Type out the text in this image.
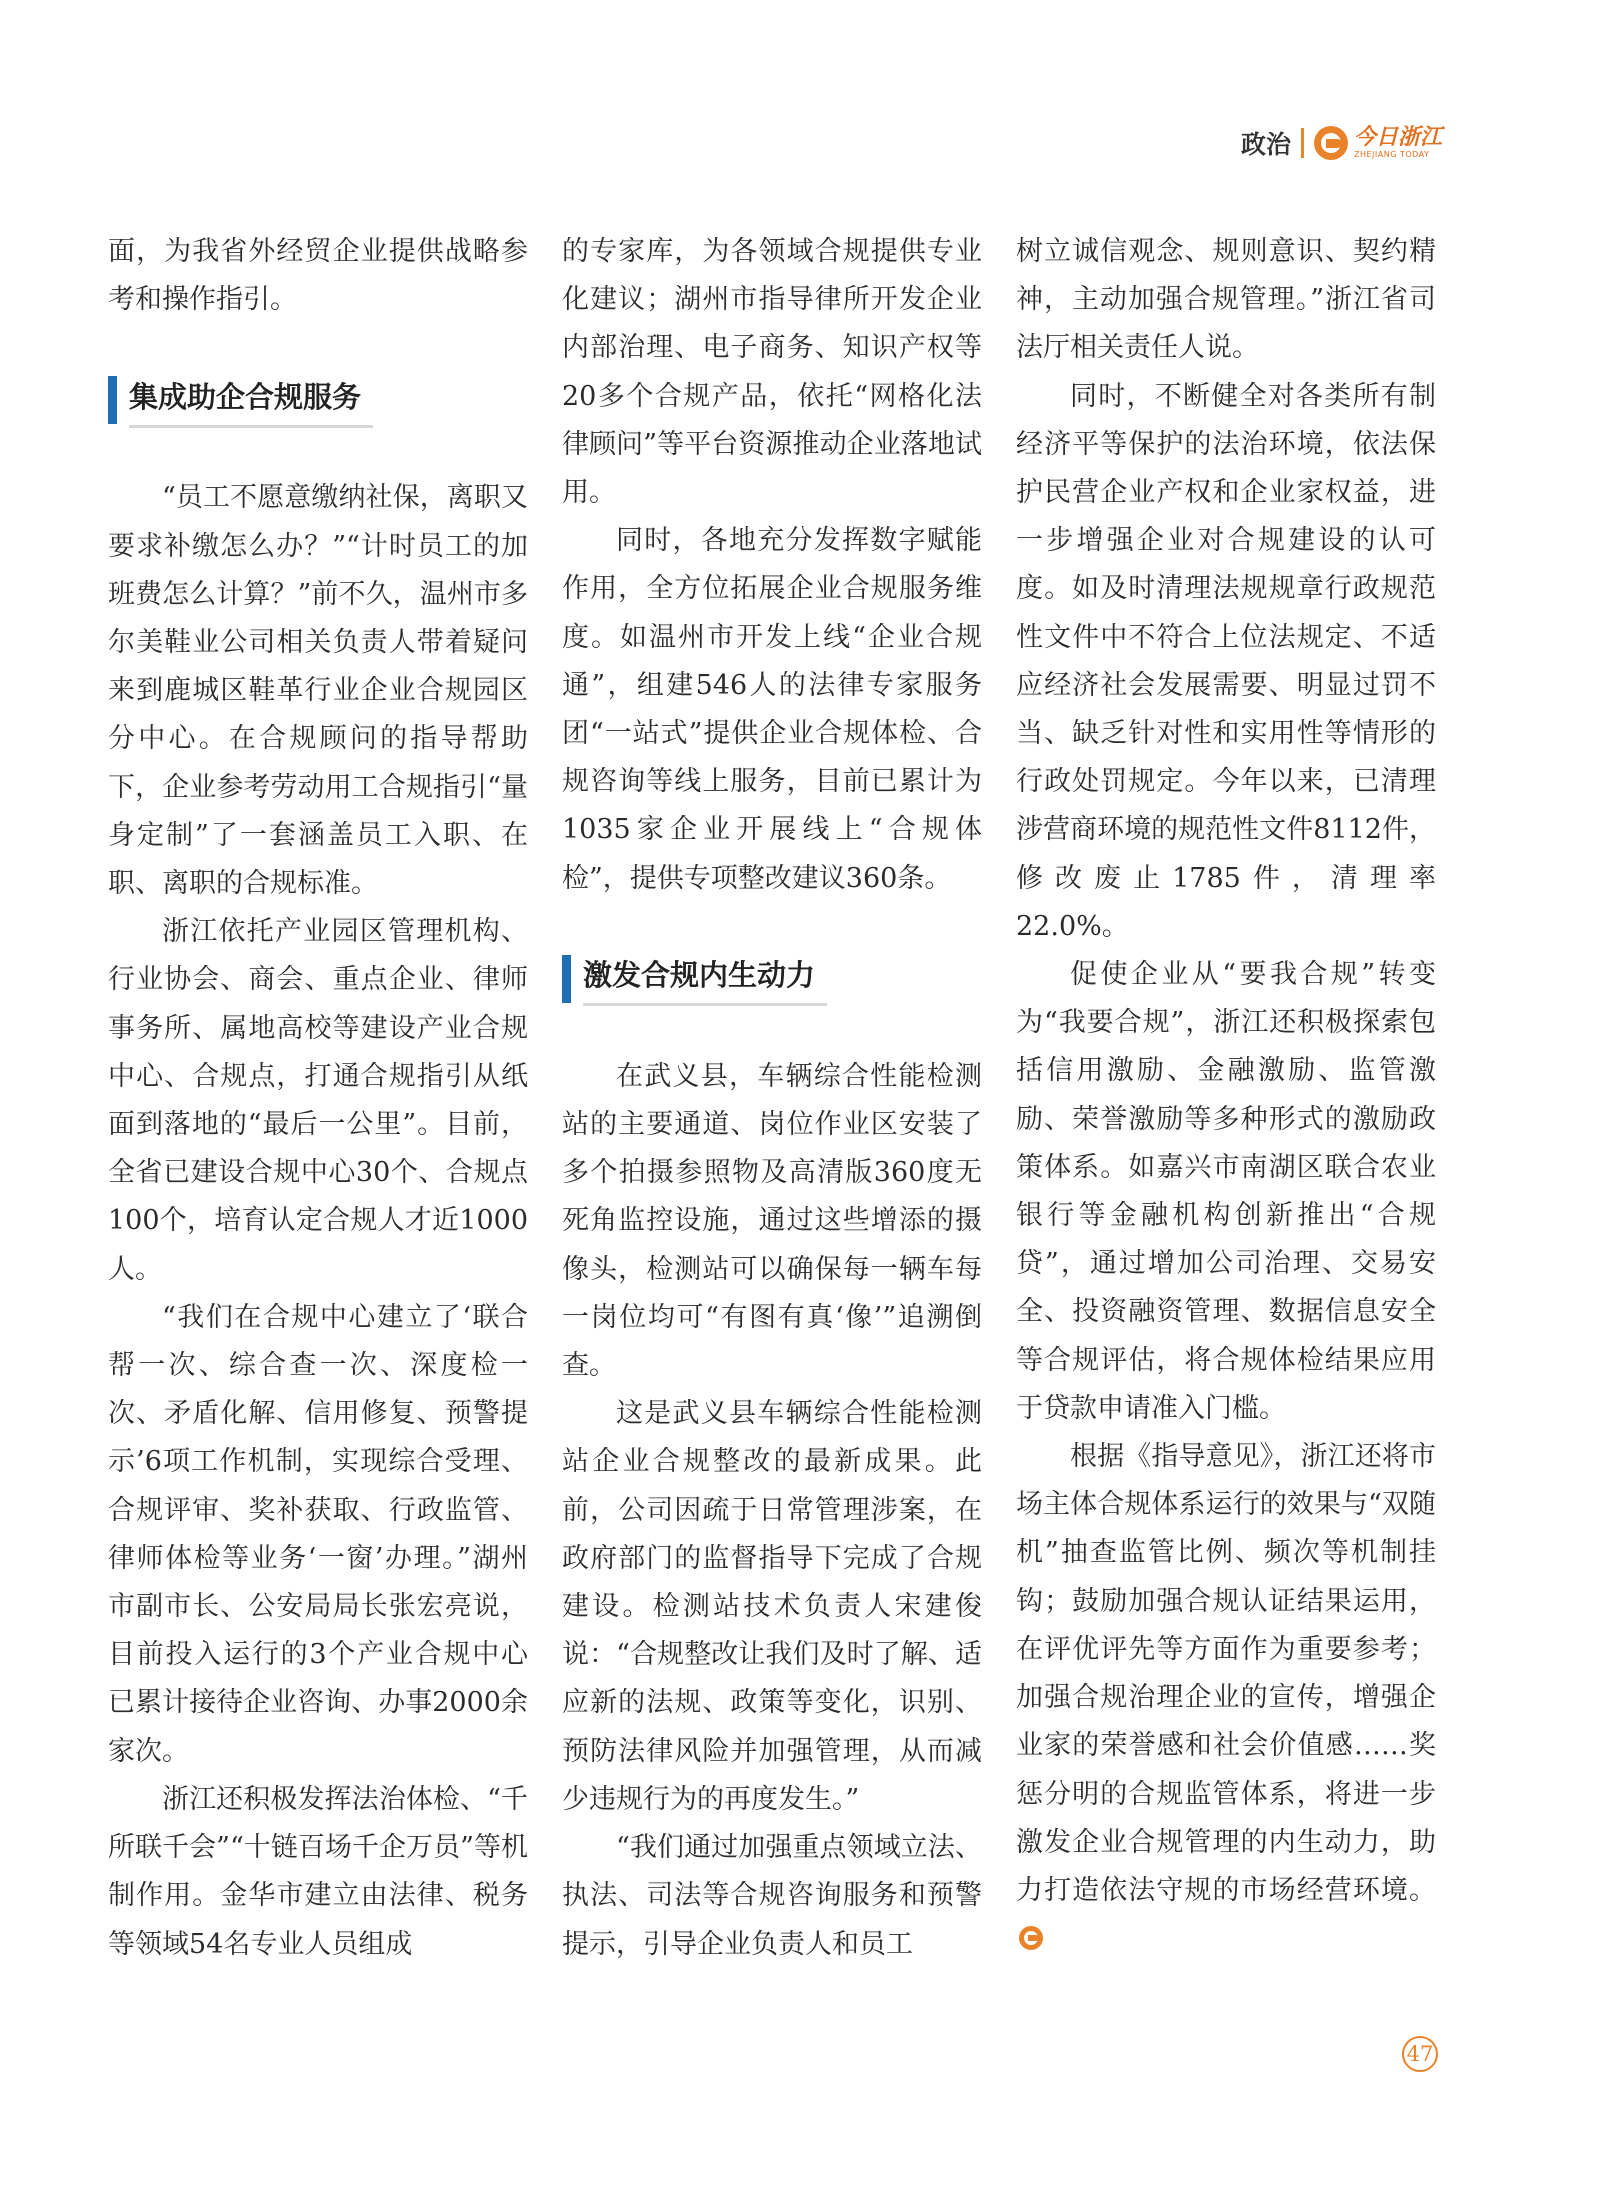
政治	今日浙江
ZHEJIANG TODAY

面，为我省外经贸企业提供战略参考和操作指引。

集成助企合规服务

“员工不愿意缴纳社保，离职又要求补缴怎么办？”“计时员工的加班费怎么计算？”前不久，温州市多尔美鞋业公司相关负责人带着疑问来到鹿城区鞋革行业企业合规园区分中心。在合规顾问的指导帮助下，企业参考劳动用工合规指引“量身定制”了一套涵盖员工入职、在职、离职的合规标准。

浙江依托产业园区管理机构、行业协会、商会、重点企业、律师事务所、属地高校等建设产业合规中心、合规点，打通合规指引从纸面到落地的“最后一公里”。目前，全省已建设合规中心30个、合规点100个，培育认定合规人才近1000人。

“我们在合规中心建立了‘联合帮一次、综合查一次、深度检一次、矛盾化解、信用修复、预警提示’6项工作机制，实现综合受理、合规评审、奖补获取、行政监管、律师体检等业务‘一窗’办理。”湖州市副市长、公安局局长张宏亮说，目前投入运行的3个产业合规中心已累计接待企业咨询、办事2000余家次。

浙江还积极发挥法治体检、“千所联千会”“十链百场千企万员”等机制作用。金华市建立由法律、税务等领域54名专业人员组成

的专家库，为各领域合规提供专业化建议；湖州市指导律所开发企业内部治理、电子商务、知识产权等20多个合规产品，依托“网格化法律顾问”等平台资源推动企业落地试用。

同时，各地充分发挥数字赋能作用，全方位拓展企业合规服务维度。如温州市开发上线“企业合规通”，组建546人的法律专家服务团“一站式”提供企业合规体检、合规咨询等线上服务，目前已累计为1035家企业开展线上“合规体检”，提供专项整改建议360条。

激发合规内生动力

在武义县，车辆综合性能检测站的主要通道、岗位作业区安装了多个拍摄参照物及高清版360度无死角监控设施，通过这些增添的摄像头，检测站可以确保每一辆车每一岗位均可“有图有真‘像’”追溯倒查。

这是武义县车辆综合性能检测站企业合规整改的最新成果。此前，公司因疏于日常管理涉案，在政府部门的监督指导下完成了合规建设。检测站技术负责人宋建俊说：“合规整改让我们及时了解、适应新的法规、政策等变化，识别、预防法律风险并加强管理，从而减少违规行为的再度发生。”

“我们通过加强重点领域立法、执法、司法等合规咨询服务和预警提示，引导企业负责人和员工

树立诚信观念、规则意识、契约精神，主动加强合规管理。”浙江省司法厅相关责任人说。

同时，不断健全对各类所有制经济平等保护的法治环境，依法保护民营企业产权和企业家权益，进一步增强企业对合规建设的认可度。如及时清理法规规章行政规范性文件中不符合上位法规定、不适应经济社会发展需要、明显过罚不当、缺乏针对性和实用性等情形的行政处罚规定。今年以来，已清理涉营商环境的规范性文件8112件，修改废止1785件，清理率22.0%。

促使企业从“要我合规”转变为“我要合规”，浙江还积极探索包括信用激励、金融激励、监管激励、荣誉激励等多种形式的激励政策体系。如嘉兴市南湖区联合农业银行等金融机构创新推出“合规贷”，通过增加公司治理、交易安全、投资融资管理、数据信息安全等合规评估，将合规体检结果应用于贷款申请准入门槛。

根据《指导意见》，浙江还将市场主体合规体系运行的效果与“双随机”抽查监管比例、频次等机制挂钩；鼓励加强合规认证结果运用，在评优评先等方面作为重要参考；加强合规治理企业的宣传，增强企业家的荣誉感和社会价值感……奖惩分明的合规监管体系，将进一步激发企业合规管理的内生动力，助力打造依法守规的市场经营环境。

47
